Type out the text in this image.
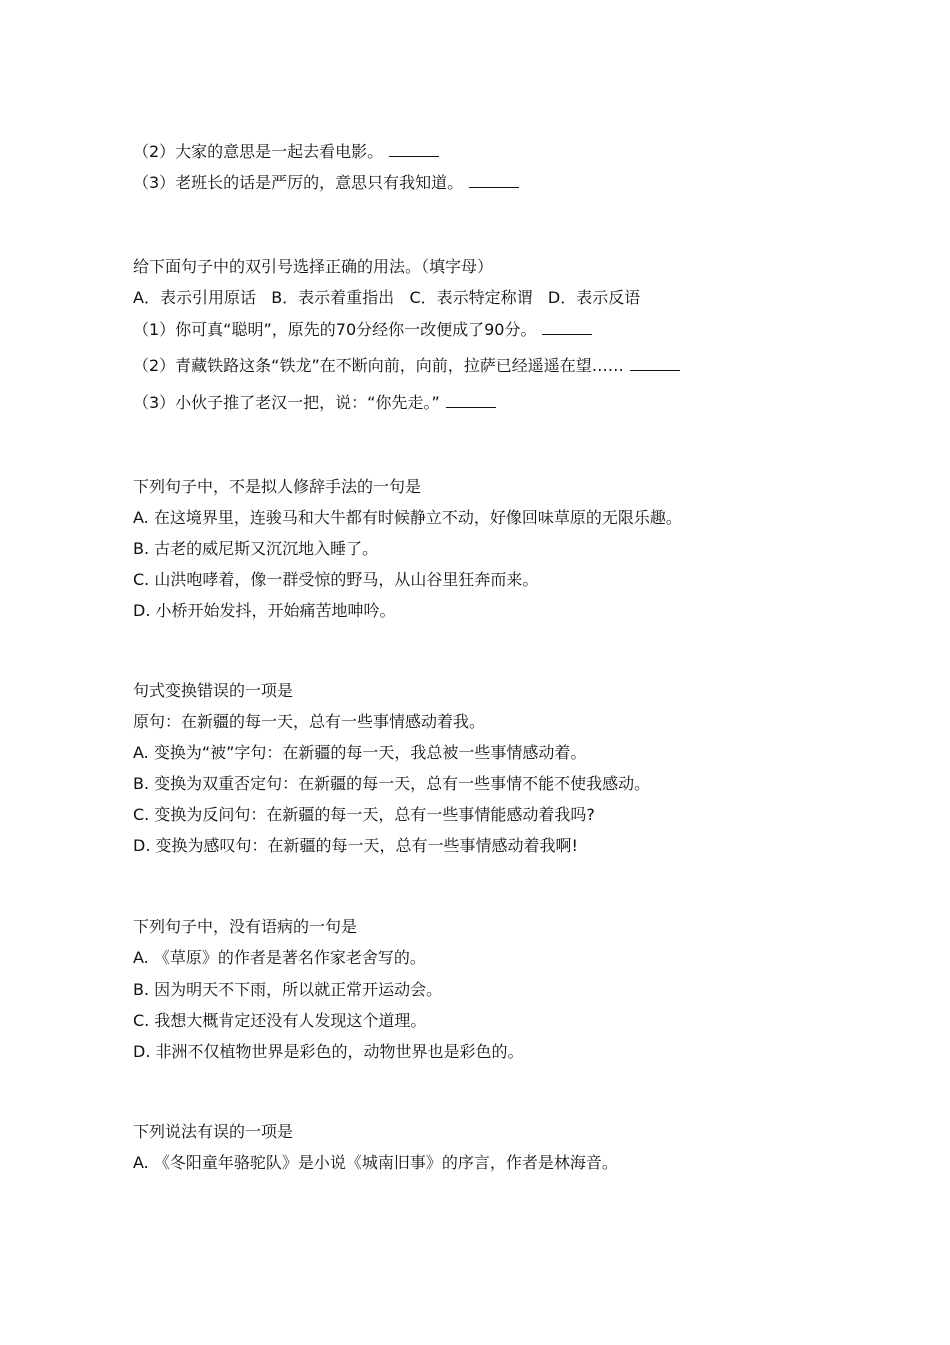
（2）大家的意思是一起去看电影。
（3）老班长的话是严厉的，意思只有我知道。
给下面句子中的双引号选择正确的用法。（填字母）
A．表示引用原话   B．表示着重指出   C．表示特定称谓   D．表示反语
（1）你可真“聪明”，原先的70分经你一改便成了90分。
（2）青藏铁路这条“铁龙”在不断向前，向前，拉萨已经遥遥在望……
（3）小伙子推了老汉一把，说：“你先走。”
下列句子中，不是拟人修辞手法的一句是
A. 在这境界里，连骏马和大牛都有时候静立不动，好像回味草原的无限乐趣。
B. 古老的威尼斯又沉沉地入睡了。
C. 山洪咆哮着，像一群受惊的野马，从山谷里狂奔而来。
D. 小桥开始发抖，开始痛苦地呻吟。
句式变换错误的一项是
原句：在新疆的每一天，总有一些事情感动着我。
A. 变换为“被”字句：在新疆的每一天，我总被一些事情感动着。
B. 变换为双重否定句：在新疆的每一天，总有一些事情不能不使我感动。
C. 变换为反问句：在新疆的每一天，总有一些事情能感动着我吗?
D. 变换为感叹句：在新疆的每一天，总有一些事情感动着我啊!
下列句子中，没有语病的一句是
A. 《草原》的作者是著名作家老舍写的。
B. 因为明天不下雨，所以就正常开运动会。
C. 我想大概肯定还没有人发现这个道理。
D. 非洲不仅植物世界是彩色的，动物世界也是彩色的。
下列说法有误的一项是
A. 《冬阳童年骆驼队》是小说《城南旧事》的序言，作者是林海音。
